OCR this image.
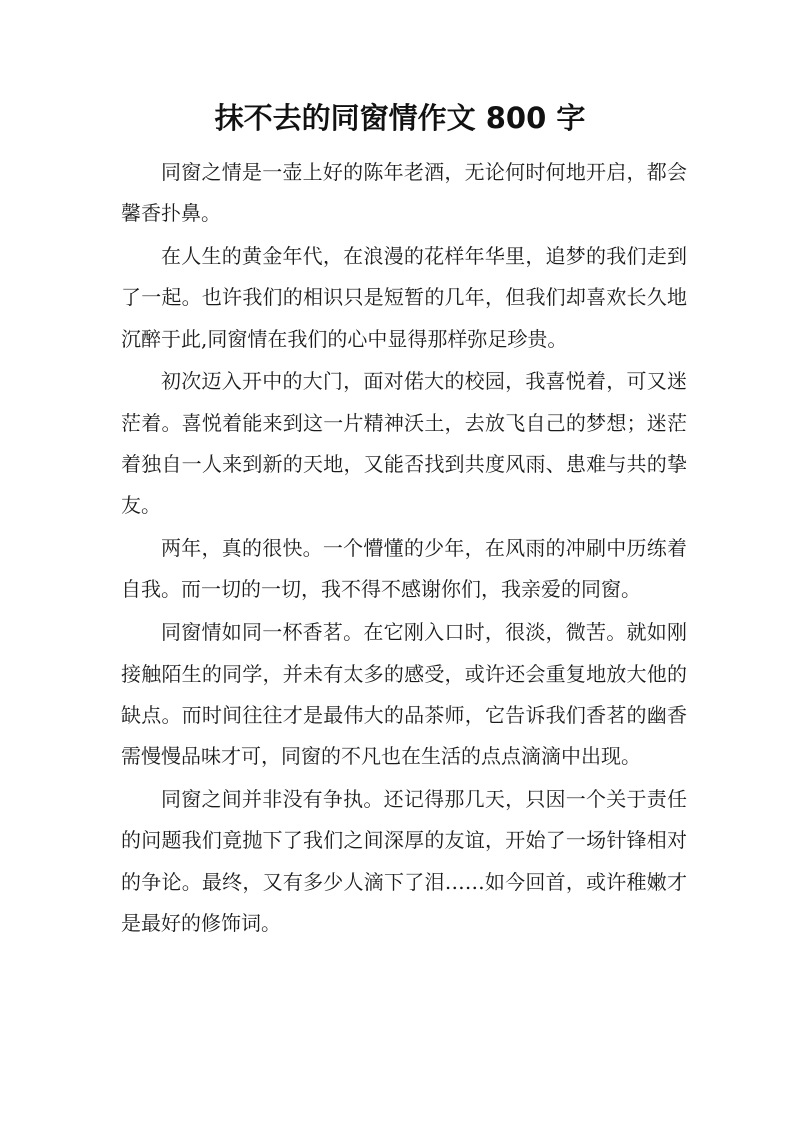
抹不去的同窗情作文 800 字

同窗之情是一壶上好的陈年老酒，无论何时何地开启，都会馨香扑鼻。

在人生的黄金年代，在浪漫的花样年华里，追梦的我们走到了一起。也许我们的相识只是短暂的几年，但我们却喜欢长久地沉醉于此,同窗情在我们的心中显得那样弥足珍贵。

初次迈入开中的大门，面对偌大的校园，我喜悦着，可又迷茫着。喜悦着能来到这一片精神沃土，去放飞自己的梦想；迷茫着独自一人来到新的天地，又能否找到共度风雨、患难与共的挚友。

两年，真的很快。一个懵懂的少年，在风雨的冲刷中历练着自我。而一切的一切，我不得不感谢你们，我亲爱的同窗。

同窗情如同一杯香茗。在它刚入口时，很淡，微苦。就如刚接触陌生的同学，并未有太多的感受，或许还会重复地放大他的缺点。而时间往往才是最伟大的品茶师，它告诉我们香茗的幽香需慢慢品味才可，同窗的不凡也在生活的点点滴滴中出现。

同窗之间并非没有争执。还记得那几天，只因一个关于责任的问题我们竟抛下了我们之间深厚的友谊，开始了一场针锋相对的争论。最终，又有多少人滴下了泪……如今回首，或许稚嫩才是最好的修饰词。
